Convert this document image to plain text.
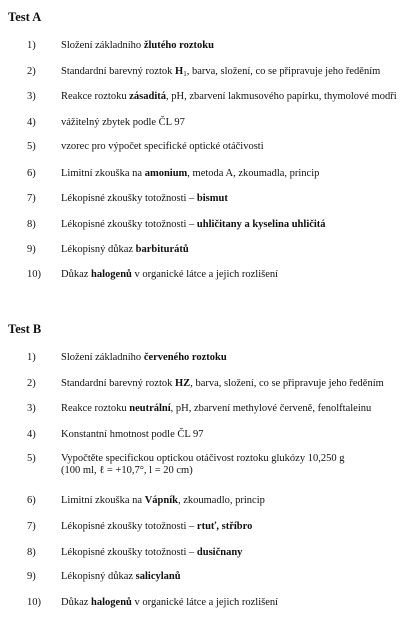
Test A
1)	Složení základního žlutého roztoku
2)	Standardní barevný roztok $H_1$, barva, složení, co se připravuje jeho ředěním
3)	Reakce roztoku zásaditá, pH, zbarvení lakmusového papírku, thymolové modři
4)	vážitelný zbytek podle ČL 97
5)	vzorec pro výpočet specifické optické otáčivosti
6)	Limitní zkouška na amonium, metoda A, zkoumadla, princip
7)	Lékopisné zkoušky totožnosti – bismut
8)	Lékopisné zkoušky totožnosti – uhličitany a kyselina uhličitá
9)	Lékopisný důkaz barbiturátů
10)	Důkaz halogenů v organické látce a jejich rozlišení
Test B
1)	Složení základního červeného roztoku
2)	Standardní barevný roztok HZ, barva, složení, co se připravuje jeho ředěním
3)	Reakce roztoku neutrální, pH, zbarvení methylové červeně, fenolftaleinu
4)	Konstantní hmotnost podle ČL 97
5)	Vypočtěte specifickou optickou otáčivost roztoku glukózy 10,250 g
(100 ml, ℓ = +10,7°, l = 20 cm)
6)	Limitní zkouška na Vápník, zkoumadlo, princip
7)	Lékopisné zkoušky totožnosti – rtuť, stříbro
8)	Lékopisné zkoušky totožnosti – dusičnany
9)	Lékopisný důkaz salicylanů
10)	Důkaz halogenů v organické látce a jejich rozlišení
